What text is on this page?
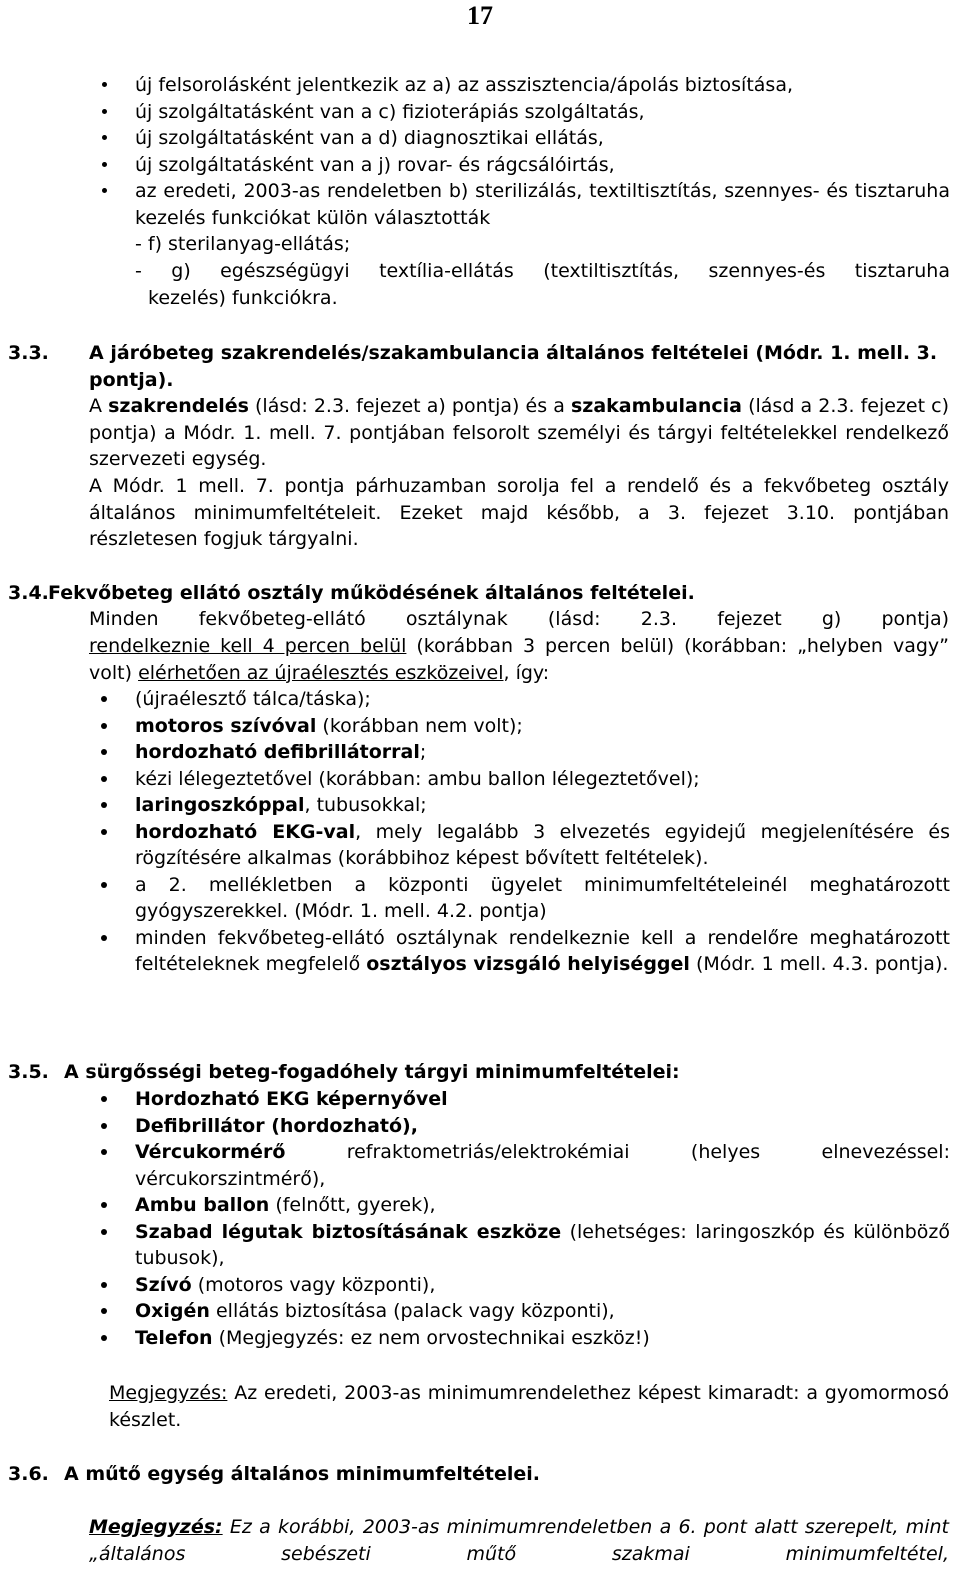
17
új felsorolásként jelentkezik az a) az asszisztencia/ápolás biztosítása,
új szolgáltatásként van a c) fizioterápiás szolgáltatás,
új szolgáltatásként van a d) diagnosztikai ellátás,
új szolgáltatásként van a j) rovar- és rágcsálóirtás,
az eredeti, 2003-as rendeletben b) sterilizálás, textiltisztítás, szennyes- és tisztaruha kezelés funkciókat külön választották
- f) sterilanyag-ellátás;
- g) egészségügyi textília-ellátás (textiltisztítás, szennyes-és tisztaruha
kezelés) funkciókra.
3.3. A járóbeteg szakrendelés/szakambulancia általános feltételei (Módr. 1. mell. 3. pontja).
A szakrendelés (lásd: 2.3. fejezet a) pontja) és a szakambulancia (lásd a 2.3. fejezet c) pontja) a Módr. 1. mell. 7. pontjában felsorolt személyi és tárgyi feltételekkel rendelkező szervezeti egység.
A Módr. 1 mell. 7. pontja párhuzamban sorolja fel a rendelő és a fekvőbeteg osztály általános minimumfeltételeit. Ezeket majd később, a 3. fejezet 3.10. pontjában részletesen fogjuk tárgyalni.
3.4. Fekvőbeteg ellátó osztály működésének általános feltételei.
Minden fekvőbeteg-ellátó osztálynak (lásd: 2.3. fejezet g) pontja)
rendelkeznie kell 4 percen belül (korábban 3 percen belül) (korábban: „helyben vagy” volt) elérhetően az újraélesztés eszközeivel, így:
(újraélesztő tálca/táska);
motoros szívóval (korábban nem volt);
hordozható defibrillátorral;
kézi lélegeztetővel (korábban: ambu ballon lélegeztetővel);
laringoszkóppal, tubusokkal;
hordozható EKG-val, mely legalább 3 elvezetés egyidejű megjelenítésére és rögzítésére alkalmas (korábbihoz képest bővített feltételek).
a 2. mellékletben a központi ügyelet minimumfeltételeinél meghatározott gyógyszerekkel. (Módr. 1. mell. 4.2. pontja)
minden fekvőbeteg-ellátó osztálynak rendelkeznie kell a rendelőre meghatározott feltételeknek megfelelő osztályos vizsgáló helyiséggel (Módr. 1 mell. 4.3. pontja).
3.5. A sürgősségi beteg-fogadóhely tárgyi minimumfeltételei:
Hordozható EKG képernyővel
Defibrillátor (hordozható),
Vércukormérő refraktometriás/elektrokémiai (helyes elnevezéssel: vércukorszintmérő),
Ambu ballon (felnőtt, gyerek),
Szabad légutak biztosításának eszköze (lehetséges: laringoszkóp és különböző tubusok),
Szívó (motoros vagy központi),
Oxigén ellátás biztosítása (palack vagy központi),
Telefon (Megjegyzés: ez nem orvostechnikai eszköz!)
Megjegyzés: Az eredeti, 2003-as minimumrendelethez képest kimaradt: a gyomormosó készlet.
3.6. A műtő egység általános minimumfeltételei.
Megjegyzés: Ez a korábbi, 2003-as minimumrendeletben a 6. pont alatt szerepelt, mint „általános sebészeti műtő szakmai minimumfeltétel,
